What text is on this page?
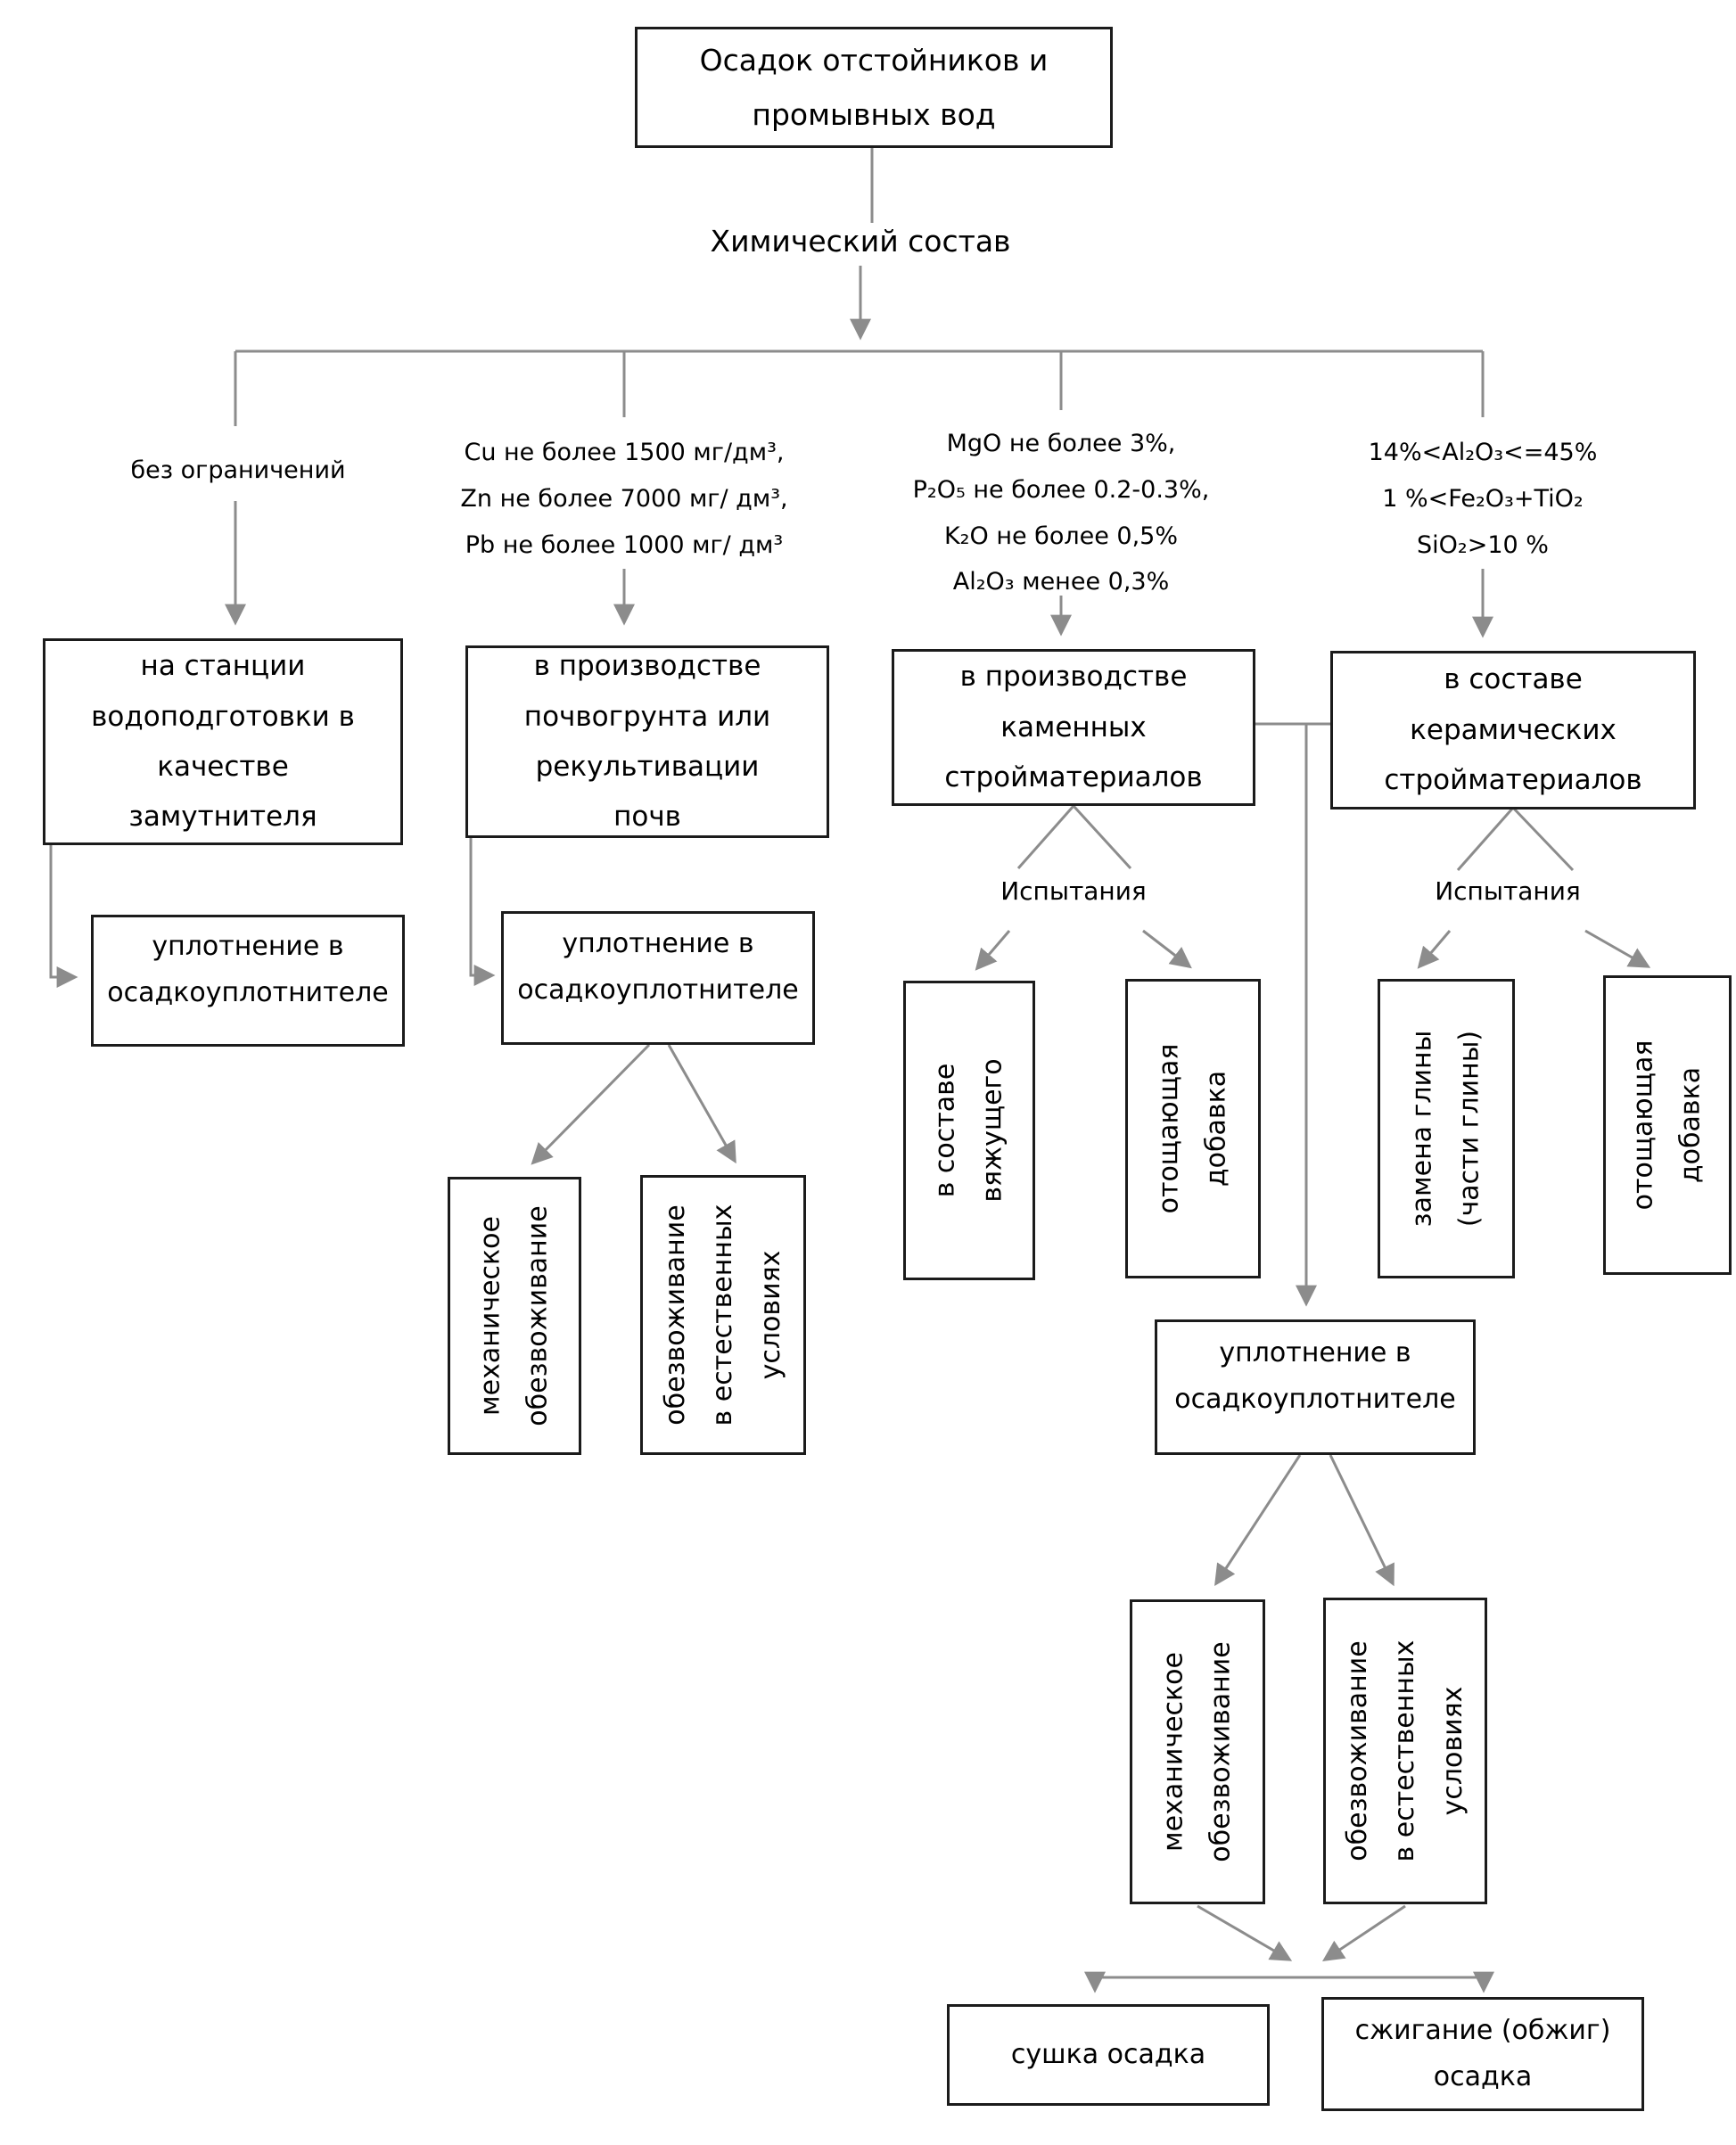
Осадок отстойников и
промывных вод
Химический состав
без ограничений
Cu не более 1500 мг/дм³,
Zn не более 7000 мг/ дм³,
Pb не более 1000 мг/ дм³
MgO не более 3%,
P₂O₅ не более 0.2-0.3%,
K₂O не более 0,5%
Al₂O₃ менее 0,3%
14%<Al₂O₃<=45%
1 %<Fe₂O₃+TiO₂
SiO₂>10 %
на станции
водоподготовки в
качестве
замутнителя
в производстве
почвогрунта или
рекультивации
почв
в производстве
каменных
стройматериалов
в составе
керамических
стройматериалов
уплотнение в
осадкоуплотнителе
уплотнение в
осадкоуплотнителе
уплотнение в
осадкоуплотнителе
Испытания	Испытания
в составе вяжущего	отощающая добавка	замена глины (части глины)	отощающая добавка
механическое обезвоживание	обезвоживание в естественных условиях
механическое обезвоживание	обезвоживание в естественных условиях
сушка осадка
сжигание (обжиг)
осадка
